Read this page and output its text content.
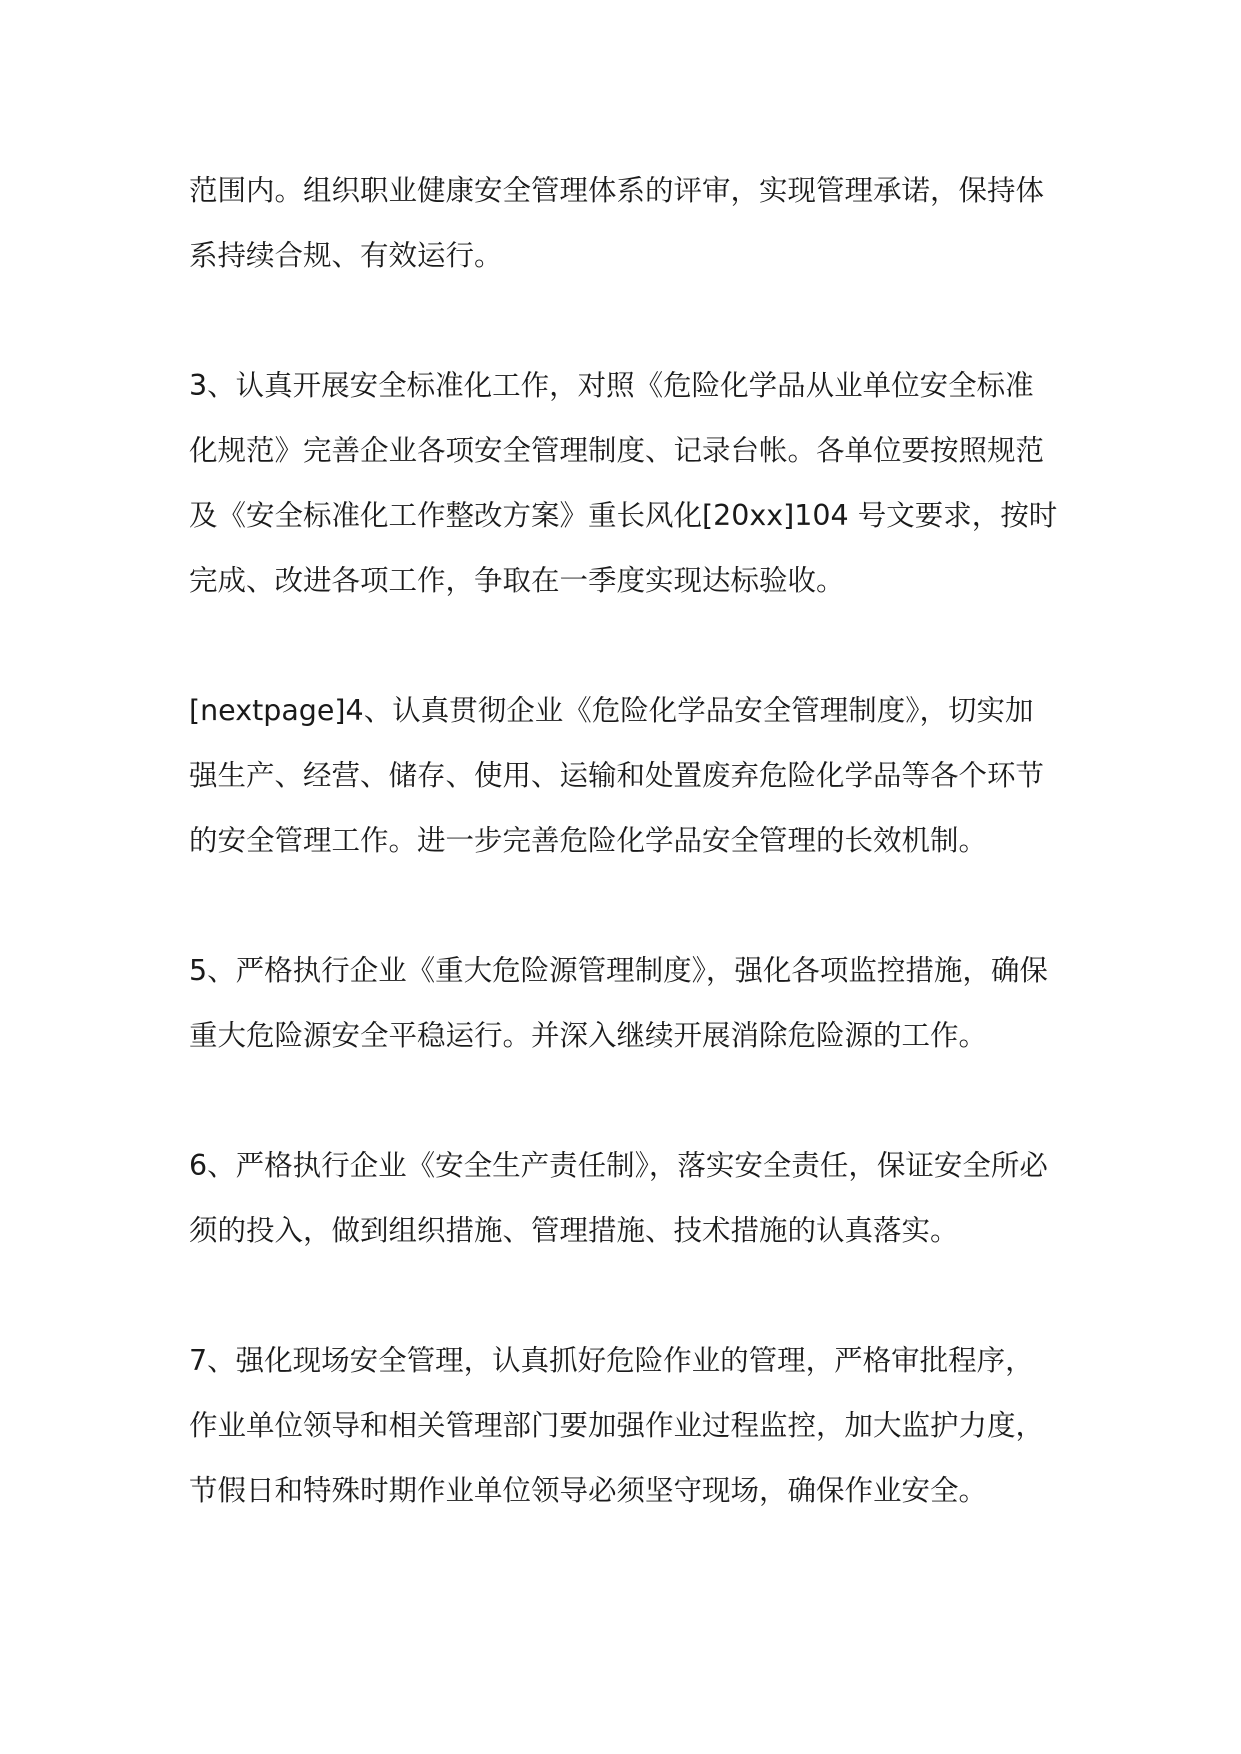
范围内。组织职业健康安全管理体系的评审，实现管理承诺，保持体
系持续合规、有效运行。

3、认真开展安全标准化工作，对照《危险化学品从业单位安全标准
化规范》完善企业各项安全管理制度、记录台帐。各单位要按照规范
及《安全标准化工作整改方案》重长风化[20xx]104 号文要求，按时
完成、改进各项工作，争取在一季度实现达标验收。

[nextpage]4、认真贯彻企业《危险化学品安全管理制度》，切实加
强生产、经营、储存、使用、运输和处置废弃危险化学品等各个环节
的安全管理工作。进一步完善危险化学品安全管理的长效机制。

5、严格执行企业《重大危险源管理制度》，强化各项监控措施，确保
重大危险源安全平稳运行。并深入继续开展消除危险源的工作。

6、严格执行企业《安全生产责任制》，落实安全责任，保证安全所必
须的投入，做到组织措施、管理措施、技术措施的认真落实。

7、强化现场安全管理，认真抓好危险作业的管理，严格审批程序，
作业单位领导和相关管理部门要加强作业过程监控，加大监护力度，
节假日和特殊时期作业单位领导必须坚守现场，确保作业安全。
